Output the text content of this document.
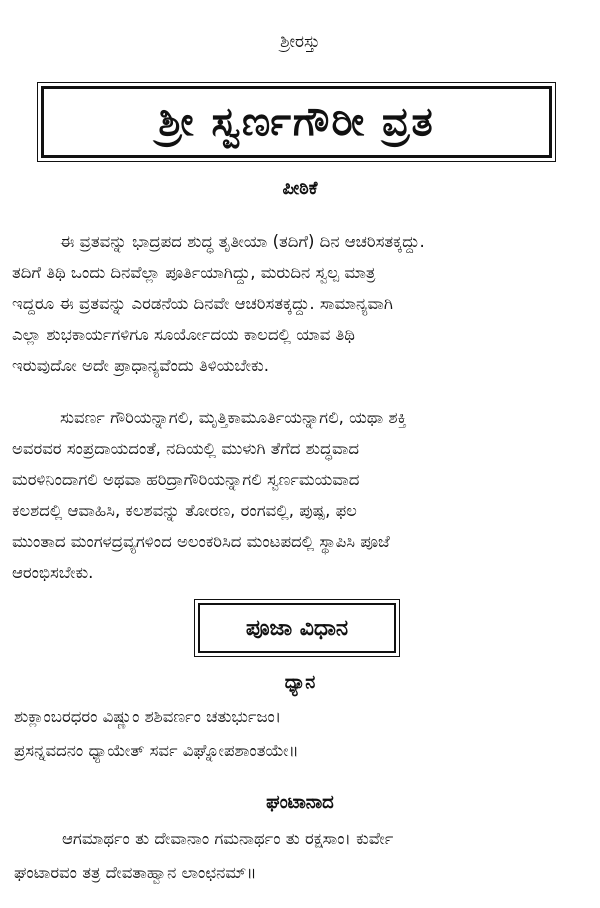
ಶ್ರೀರಸ್ತು
ಶ್ರೀ ಸ್ವರ್ಣಗೌರೀ ವ್ರತ
ಪೀಠಿಕೆ
ಈ ವ್ರತವನ್ನು ಭಾದ್ರಪದ ಶುದ್ಧ ತೃತೀಯಾ (ತದಿಗೆ) ದಿನ ಆಚರಿಸತಕ್ಕದ್ದು.
ತದಿಗೆ ತಿಥಿ ಒಂದು ದಿನವೆಲ್ಲಾ ಪೂರ್ತಿಯಾಗಿದ್ದು, ಮರುದಿನ ಸ್ವಲ್ಪ ಮಾತ್ರ
ಇದ್ದರೂ ಈ ವ್ರತವನ್ನು ಎರಡನೆಯ ದಿನವೇ ಆಚರಿಸತಕ್ಕದ್ದು. ಸಾಮಾನ್ಯವಾಗಿ
ಎಲ್ಲಾ ಶುಭಕಾರ್ಯಗಳಿಗೂ ಸೂರ್ಯೋದಯ ಕಾಲದಲ್ಲಿ ಯಾವ ತಿಥಿ
ಇರುವುದೋ ಅದೇ ಪ್ರಾಧಾನ್ಯವೆಂದು ತಿಳಿಯಬೇಕು.
ಸುವರ್ಣ ಗೌರಿಯನ್ನಾಗಲಿ, ಮೃತ್ತಿಕಾಮೂರ್ತಿಯನ್ನಾಗಲಿ, ಯಥಾ ಶಕ್ತಿ
ಅವರವರ ಸಂಪ್ರದಾಯದಂತೆ, ನದಿಯಲ್ಲಿ ಮುಳುಗಿ ತೆಗೆದ ಶುದ್ಧವಾದ
ಮರಳಿನಿಂದಾಗಲಿ ಅಥವಾ ಹರಿದ್ರಾಗೌರಿಯನ್ನಾಗಲಿ ಸ್ವರ್ಣಮಯವಾದ
ಕಲಶದಲ್ಲಿ ಆವಾಹಿಸಿ, ಕಲಶವನ್ನು ತೋರಣ, ರಂಗವಲ್ಲಿ, ಪುಷ್ಪ, ಫಲ
ಮುಂತಾದ ಮಂಗಳದ್ರವ್ಯಗಳಿಂದ ಅಲಂಕರಿಸಿದ ಮಂಟಪದಲ್ಲಿ ಸ್ಥಾಪಿಸಿ ಪೂಜೆ
ಆರಂಭಿಸಬೇಕು.
ಪೂಜಾ ವಿಧಾನ
ಧ್ಯಾನ
ಶುಕ್ಲಾಂಬರಧರಂ ವಿಷ್ಣುಂ ಶಶಿವರ್ಣಂ ಚತುರ್ಭುಜಂ।
ಪ್ರಸನ್ನವದನಂ ಧ್ಯಾಯೇತ್ ಸರ್ವ ವಿಘ್ನೋಪಶಾಂತಯೇ॥
ಘಂಟಾನಾದ
ಆಗಮಾರ್ಥಂ ತು ದೇವಾನಾಂ ಗಮನಾರ್ಥಂ ತು ರಕ್ಷಸಾಂ। ಕುರ್ವೇ
ಘಂಟಾರವಂ ತತ್ರ ದೇವತಾಹ್ವಾನ ಲಾಂಛನಮ್॥
